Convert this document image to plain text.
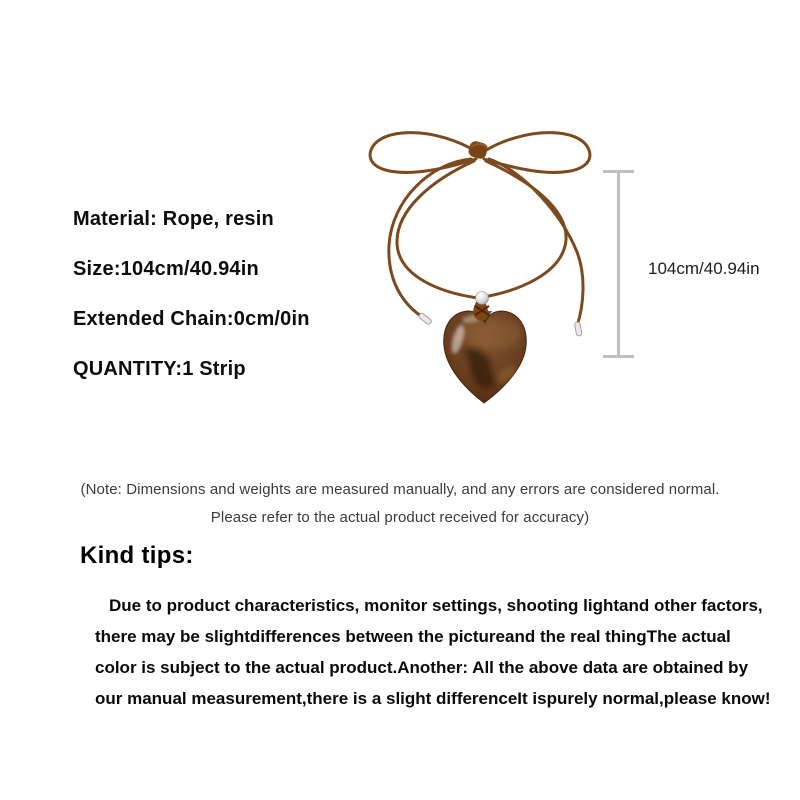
Material: Rope, resin
Size:104cm/40.94in
Extended Chain:0cm/0in
QUANTITY:1 Strip
104cm/40.94in
(Note: Dimensions and weights are measured manually, and any errors are considered normal.
Please refer to the actual product received for accuracy)
Kind tips:
Due to product characteristics, monitor settings, shooting lightand other factors,
there may be slightdifferences between the pictureand the real thingThe actual
color is subject to the actual product.Another: All the above data are obtained by
our manual measurement,there is a slight differenceIt ispurely normal,please know!
